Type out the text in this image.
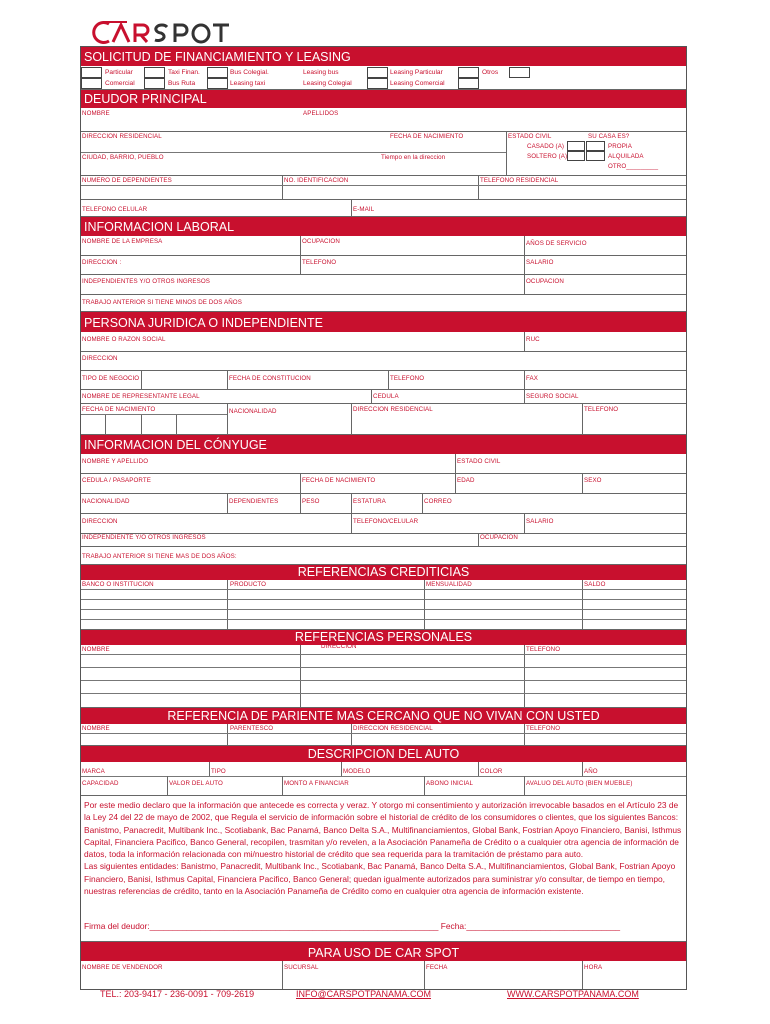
SOLICITUD DE FINANCIAMIENTO Y LEASING
Particular	Taxi Finan.	Bus Colegial.	Leasing bus	Leasing Particular	Otros
Comercial	Bus Ruta	Leasing taxi	Leasing Colegial	Leasing Comercial
DEUDOR PRINCIPAL
NOMBRE	APELLIDOS
DIRECCION RESIDENCIAL	FECHA DE NACIMIENTO
CIUDAD, BARRIO, PUEBLO	Tiempo en la direccion
ESTADO CIVIL
CASADO (A)
SOLTERO (A)
SU CASA ES?
PROPIA
ALQUILADA
OTRO_________
NUMERO DE DEPENDIENTES	NO. IDENTIFICACION	TELEFONO RESIDENCIAL
TELEFONO CELULAR	E-MAIL
INFORMACION LABORAL
NOMBRE DE LA EMPRESA	OCUPACION	AÑOS DE SERVICIO
DIRECCION :	TELEFONO	SALARIO
INDEPENDIENTES Y/O OTROS INGRESOS	OCUPACION
TRABAJO ANTERIOR SI TIENE MINOS DE DOS AÑOS
PERSONA JURIDICA O INDEPENDIENTE
NOMBRE O RAZON SOCIAL	RUC
DIRECCION
TIPO DE NEGOCIO	FECHA DE CONSTITUCION	TELEFONO	FAX
NOMBRE DE REPRESENTANTE LEGAL	CEDULA	SEGURO SOCIAL
FECHA DE NACIMIENTO	NACIONALIDAD	DIRECCION RESIDENCIAL	TELEFONO
INFORMACION DEL CÓNYUGE
NOMBRE Y APELLIDO	ESTADO CIVIL
CEDULA / PASAPORTE	FECHA DE NACIMIENTO	EDAD	SEXO
NACIONALIDAD	DEPENDIENTES	PESO	ESTATURA	CORREO
DIRECCION	TELEFONO/CELULAR	SALARIO
INDEPENDIENTE Y/O OTROS INGRESOS	OCUPACION
TRABAJO ANTERIOR SI TIENE MAS DE DOS AÑOS:
REFERENCIAS CREDITICIAS
BANCO O INSTITUCION	PRODUCTO	MENSUALIDAD	SALDO
REFERENCIAS PERSONALES
NOMBRE	DIRECCION	TELEFONO
REFERENCIA DE PARIENTE MAS CERCANO QUE NO VIVAN CON USTED
NOMBRE	PARENTESCO	DIRECCION RESIDENCIAL	TELEFONO
DESCRIPCION DEL AUTO
MARCA	TIPO	MODELO	COLOR	AÑO
CAPACIDAD	VALOR DEL AUTO	MONTO A FINANCIAR	ABONO INICIAL	AVALUO DEL AUTO (BIEN MUEBLE)

Por este medio declaro que la información que antecede es correcta y veraz. Y otorgo mi consentimiento y autorización irrevocable basados en el Artículo 23 de la Ley 24 del 22 de mayo de 2002, que Regula el servicio de información sobre el historial de crédito de los consumidores o clientes, que los siguientes Bancos: Banistmo, Panacredit, Multibank Inc., Scotiabank, Bac Panamá, Banco Delta S.A., Multifinanciamientos, Global Bank, Fostrian Apoyo Financiero, Banisi, Isthmus Capital, Financiera Pacifico, Banco General, recopilen, trasmitan y/o revelen, a la Asociación Panameña de Crédito o a cualquier otra agencia de información de datos, toda la información relacionada con mi/nuestro historial de crédito que sea requerida para la tramitación de préstamo para auto.

Las siguientes entidades: Banistmo, Panacredit, Multibank Inc., Scotiabank, Bac Panamá, Banco Delta S.A., Multifinanciamientos, Global Bank, Fostrian Apoyo Financiero, Banisi, Isthmus Capital, Financiera Pacifico, Banco General; quedan igualmente autorizados para suministrar y/o consultar, de tiempo en tiempo, nuestras referencias de crédito, tanto en la Asociación Panameña de Crédito como en cualquier otra agencia de información existente.

Firma del deudor:______________________________________________________________ Fecha:_________________________________
PARA USO DE CAR SPOT
NOMBRE DE VENDENDOR	SUCURSAL	FECHA	HORA
TEL.: 203-9417 - 236-0091 - 709-2619	INFO@CARSPOTPANAMA.COM	WWW.CARSPOTPANAMA.COM
